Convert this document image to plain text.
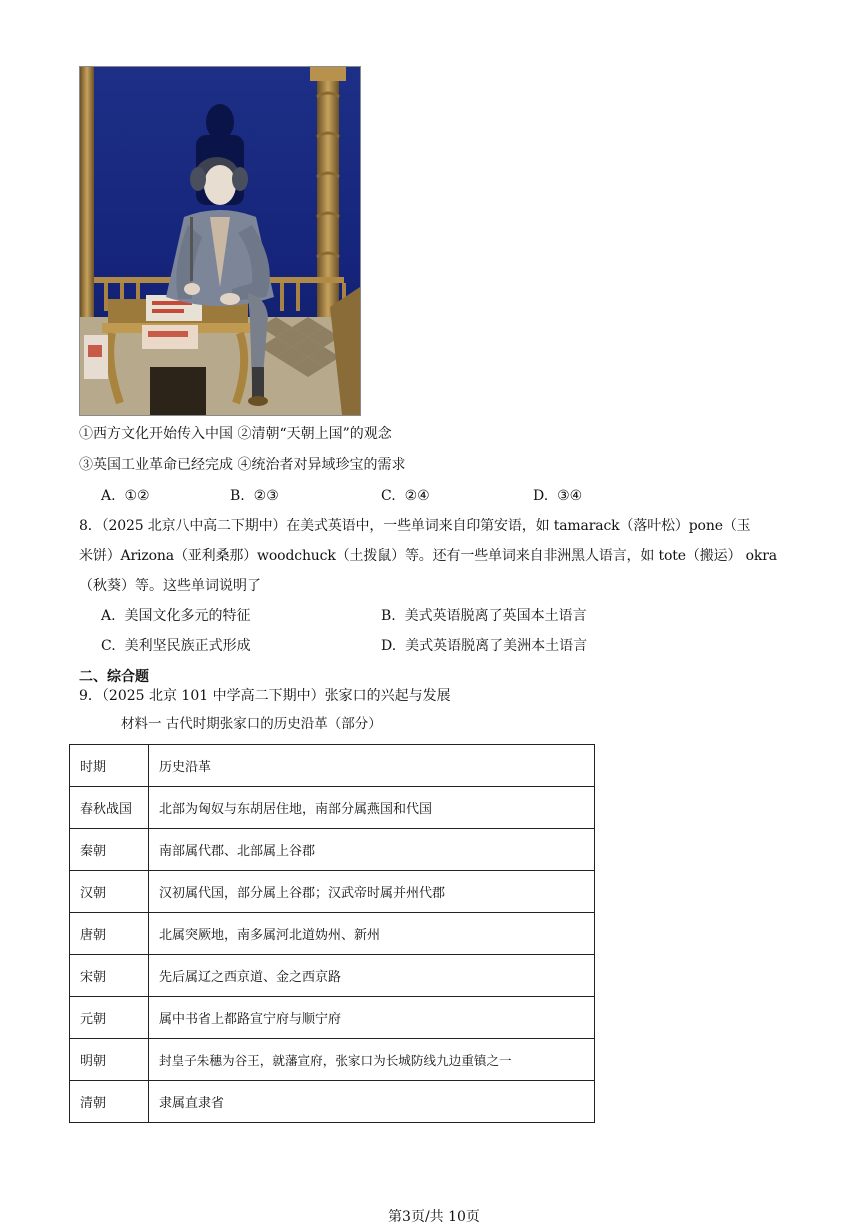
①西方文化开始传入中国 ②清朝“天朝上国”的观念
③英国工业革命已经完成 ④统治者对异域珍宝的需求
A. ①②	B. ②③	C. ②④	D. ③④
8．（2025 北京八中高二下期中）在美式英语中，一些单词来自印第安语，如 tamarack（落叶松）pone（玉
米饼）Arizona（亚利桑那）woodchuck（土拨鼠）等。还有一些单词来自非洲黑人语言，如 tote（搬运） okra
（秋葵）等。这些单词说明了
A. 美国文化多元的特征	B. 美式英语脱离了英国本土语言
C. 美利坚民族正式形成	D. 美式英语脱离了美洲本土语言
二、综合题
9．（2025 北京 101 中学高二下期中）张家口的兴起与发展
材料一 古代时期张家口的历史沿革（部分）
时期	历史沿革
春秋战国	北部为匈奴与东胡居住地，南部分属燕国和代国
秦朝	南部属代郡、北部属上谷郡
汉朝	汉初属代国，部分属上谷郡；汉武帝时属并州代郡
唐朝	北属突厥地，南多属河北道妫州、新州
宋朝	先后属辽之西京道、金之西京路
元朝	属中书省上都路宣宁府与顺宁府
明朝	封皇子朱穗为谷王，就藩宣府，张家口为长城防线九边重镇之一
清朝	隶属直隶省
第3页/共 10页
